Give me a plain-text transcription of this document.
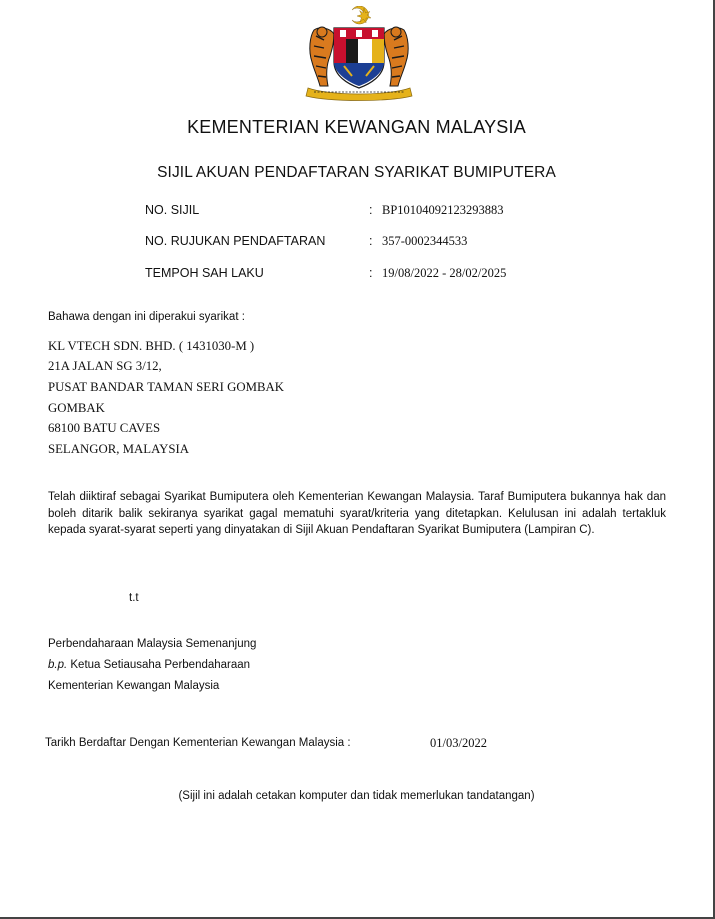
KEMENTERIAN KEWANGAN MALAYSIA
SIJIL AKUAN PENDAFTARAN SYARIKAT BUMIPUTERA
NO. SIJIL	: BP10104092123293883
NO. RUJUKAN PENDAFTARAN	: 357-0002344533
TEMPOH SAH LAKU	: 19/08/2022 - 28/02/2025
Bahawa dengan ini diperakui syarikat :
KL VTECH SDN. BHD. ( 1431030-M )
21A JALAN SG 3/12,
PUSAT BANDAR TAMAN SERI GOMBAK
GOMBAK
68100 BATU CAVES
SELANGOR, MALAYSIA
Telah diiktiraf sebagai Syarikat Bumiputera oleh Kementerian Kewangan Malaysia. Taraf Bumiputera bukannya hak dan boleh ditarik balik sekiranya syarikat gagal mematuhi syarat/kriteria yang ditetapkan. Kelulusan ini adalah tertakluk kepada syarat-syarat seperti yang dinyatakan di Sijil Akuan Pendaftaran Syarikat Bumiputera (Lampiran C).
t.t
Perbendaharaan Malaysia Semenanjung
b.p. Ketua Setiausaha Perbendaharaan
Kementerian Kewangan Malaysia
Tarikh Berdaftar Dengan Kementerian Kewangan Malaysia :	01/03/2022
(Sijil ini adalah cetakan komputer dan tidak memerlukan tandatangan)
